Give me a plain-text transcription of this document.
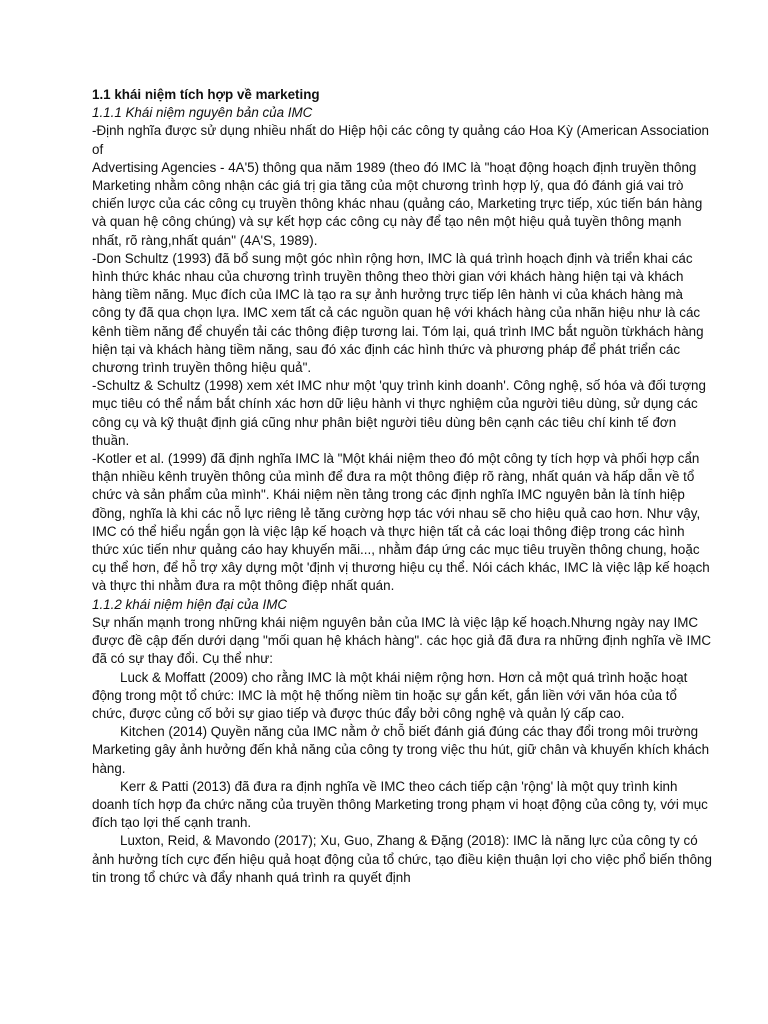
1.1 khái niệm tích hợp về marketing

1.1.1 Khái niệm nguyên bản của IMC

-Định nghĩa được sử dụng nhiều nhất do Hiệp hội các công ty quảng cáo Hoa Kỳ (American Association of

Advertising Agencies - 4A'5) thông qua năm 1989 (theo đó IMC là "hoạt động hoạch định truyền thông Marketing nhằm công nhận các giá trị gia tăng của một chương trình hợp lý, qua đó đánh giá vai trò chiến lược của các công cụ truyền thông khác nhau (quảng cáo, Marketing trực tiếp, xúc tiến bán hàng và quan hệ công chúng) và sự kết hợp các công cụ này để tạo nên một hiệu quả tuyền thông mạnh nhất, rõ ràng,nhất quán" (4A'S, 1989).

-Don Schultz (1993) đã bổ sung một góc nhìn rộng hơn, IMC là quá trình hoạch định và triển khai các hình thức khác nhau của chương trình truyền thông theo thời gian với khách hàng hiện tại và khách hàng tiềm năng. Mục đích của IMC là tạo ra sự ảnh hưởng trực tiếp lên hành vi của khách hàng mà công ty đã qua chọn lựa. IMC xem tất cả các nguồn quan hệ với khách hàng của nhãn hiệu như là các kênh tiềm năng để chuyển tải các thông điệp tương lai. Tóm lại, quá trình IMC bắt nguồn từkhách hàng hiện tại và khách hàng tiềm năng, sau đó xác định các hình thức và phương pháp để phát triển các chương trình truyền thông hiệu quả".

-Schultz & Schultz (1998) xem xét IMC như một 'quy trình kinh doanh'. Công nghệ, số hóa và đối tượng mục tiêu có thể nắm bắt chính xác hơn dữ liệu hành vi thực nghiệm của người tiêu dùng, sử dụng các công cụ và kỹ thuật định giá cũng như phân biệt người tiêu dùng bên cạnh các tiêu chí kinh tế đơn thuần.

-Kotler et al. (1999) đã định nghĩa IMC là "Một khái niệm theo đó một công ty tích hợp và phối hợp cẩn thận nhiều kênh truyền thông của mình để đưa ra một thông điệp rõ ràng, nhất quán và hấp dẫn về tổ chức và sản phẩm của mình". Khái niệm nền tảng trong các định nghĩa IMC nguyên bản là tính hiệp đồng, nghĩa là khi các nỗ lực riêng lẻ tăng cường hợp tác với nhau sẽ cho hiệu quả cao hơn. Như vậy, IMC có thể hiểu ngắn gọn là việc lập kế hoạch và thực hiện tất cả các loại thông điệp trong các hình thức xúc tiến như quảng cáo hay khuyến mãi..., nhằm đáp ứng các mục tiêu truyền thông chung, hoặc cụ thể hơn, để hỗ trợ xây dựng một 'định vị thương hiệu cụ thể. Nói cách khác, IMC là việc lập kế hoạch và thực thi nhằm đưa ra một thông điệp nhất quán.

1.1.2 khái niệm hiện đại của IMC

Sự nhấn mạnh trong những khái niệm nguyên bản của IMC là việc lập kế hoạch.Nhưng ngày nay IMC được đề cập đến dưới dạng "mối quan hệ khách hàng". các học giả đã đưa ra những định nghĩa về IMC đã có sự thay đổi. Cụ thể như:

Luck & Moffatt (2009) cho rằng IMC là một khái niệm rộng hơn. Hơn cả một quá trình hoặc hoạt động trong một tổ chức: IMC là một hệ thống niềm tin hoặc sự gắn kết, gắn liền với văn hóa của tổ chức, được củng cố bởi sự giao tiếp và được thúc đẩy bởi công nghệ và quản lý cấp cao.

Kitchen (2014) Quyền năng của IMC nằm ở chỗ biết đánh giá đúng các thay đổi trong môi trường Marketing gây ảnh hưởng đến khả năng của công ty trong việc thu hút, giữ chân và khuyến khích khách hàng.

Kerr & Patti (2013) đã đưa ra định nghĩa về IMC theo cách tiếp cận 'rộng' là một quy trình kinh doanh tích hợp đa chức năng của truyền thông Marketing trong phạm vi hoạt động của công ty, với mục đích tạo lợi thế cạnh tranh.

Luxton, Reid, & Mavondo (2017); Xu, Guo, Zhang & Đặng (2018): IMC là năng lực của công ty có ảnh hưởng tích cực đến hiệu quả hoạt động của tổ chức, tạo điều kiện thuận lợi cho việc phổ biến thông tin trong tổ chức và đẩy nhanh quá trình ra quyết định
